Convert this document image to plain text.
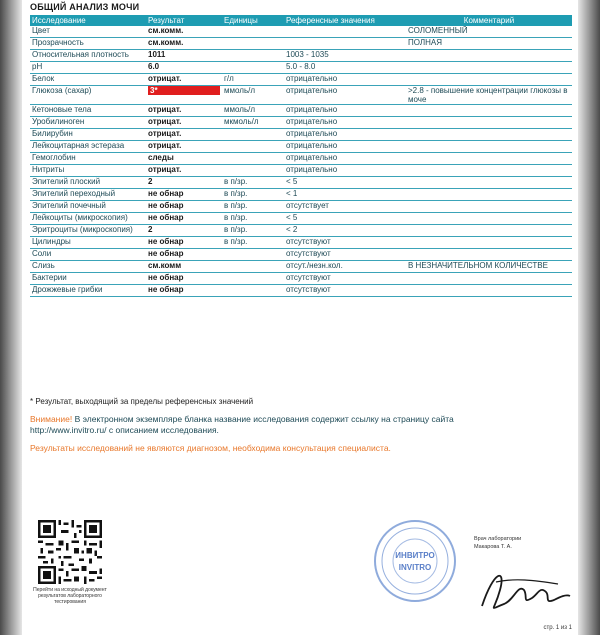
ОБЩИЙ АНАЛИЗ МОЧИ
Исследование	Результат	Единицы	Референсные значения	Комментарий
Цвет	см.комм.			СОЛОМЕННЫЙ
Прозрачность	см.комм.			ПОЛНАЯ
Относительная плотность	1011		1003 - 1035	
pH	6.0		5.0 - 8.0	
Белок	отрицат.	г/л	отрицательно	
Глюкоза (сахар)	3*	ммоль/л	отрицательно	>2.8 - повышение концентрации глюкозы в моче
Кетоновые тела	отрицат.	ммоль/л	отрицательно	
Уробилиноген	отрицат.	мкмоль/л	отрицательно	
Билирубин	отрицат.		отрицательно	
Лейкоцитарная эстераза	отрицат.		отрицательно	
Гемоглобин	следы		отрицательно	
Нитриты	отрицат.		отрицательно	
Эпителий плоский	2	в п/зр.	< 5	
Эпителий переходный	не обнар	в п/зр.	< 1	
Эпителий почечный	не обнар	в п/зр.	отсутствует	
Лейкоциты (микроскопия)	не обнар	в п/зр.	< 5	
Эритроциты (микроскопия)	2	в п/зр.	< 2	
Цилиндры	не обнар	в п/зр.	отсутствуют	
Соли	не обнар		отсутствуют	
Слизь	см.комм		отсут./незн.кол.	В НЕЗНАЧИТЕЛЬНОМ КОЛИЧЕСТВЕ
Бактерии	не обнар		отсутствуют	
Дрожжевые грибки	не обнар		отсутствуют	
* Результат, выходящий за пределы референсных значений
Внимание! В электронном экземпляре бланка название исследования содержит ссылку на страницу сайта
http://www.invitro.ru/ с описанием исследования.
Результаты исследований не являются диагнозом, необходима консультация специалиста.
Перейти на исходный документ результатов лабораторного тестирования
ИНВИТРО
INVITRO
Врач лаборатории
Макарова Т. А.
стр. 1 из 1
